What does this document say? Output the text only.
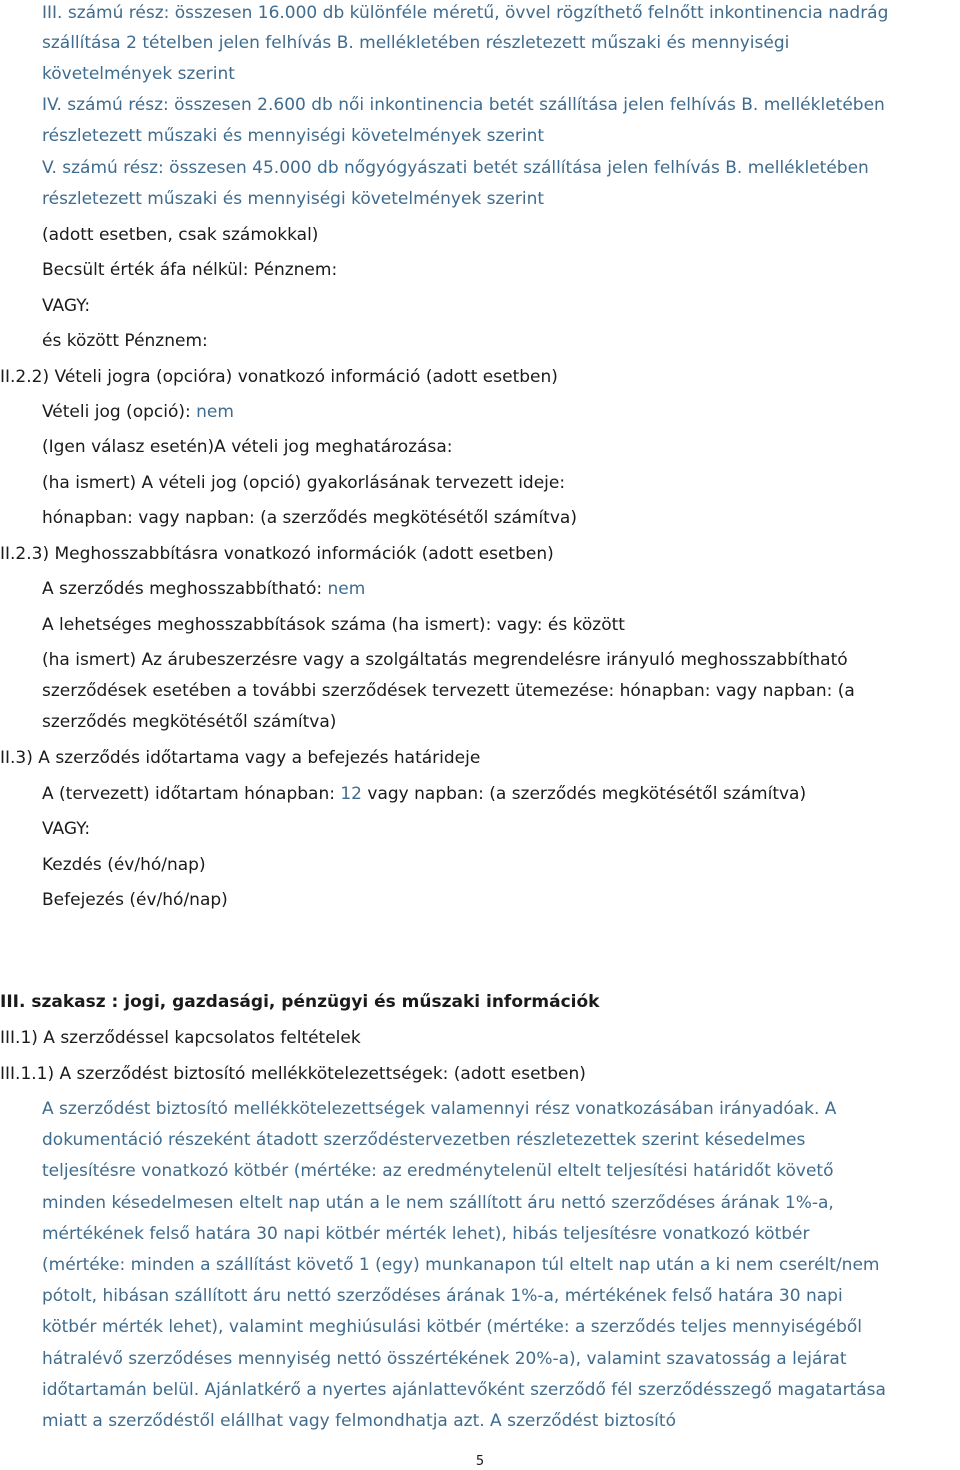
III. számú rész: összesen 16.000 db különféle méretű, övvel rögzíthető felnőtt inkontinencia nadrág
szállítása 2 tételben jelen felhívás B. mellékletében részletezett műszaki és mennyiségi
követelmények szerint
IV. számú rész: összesen 2.600 db női inkontinencia betét szállítása jelen felhívás B. mellékletében
részletezett műszaki és mennyiségi követelmények szerint
V. számú rész: összesen 45.000 db nőgyógyászati betét szállítása jelen felhívás B. mellékletében
részletezett műszaki és mennyiségi követelmények szerint
(adott esetben, csak számokkal)
Becsült érték áfa nélkül: Pénznem:
VAGY:
és között Pénznem:
II.2.2) Vételi jogra (opcióra) vonatkozó információ (adott esetben)
Vételi jog (opció): nem
(Igen válasz esetén)A vételi jog meghatározása:
(ha ismert) A vételi jog (opció) gyakorlásának tervezett ideje:
hónapban: vagy napban: (a szerződés megkötésétől számítva)
II.2.3) Meghosszabbításra vonatkozó információk (adott esetben)
A szerződés meghosszabbítható: nem
A lehetséges meghosszabbítások száma (ha ismert): vagy: és között
(ha ismert) Az árubeszerzésre vagy a szolgáltatás megrendelésre irányuló meghosszabbítható
szerződések esetében a további szerződések tervezett ütemezése: hónapban: vagy napban: (a
szerződés megkötésétől számítva)
II.3) A szerződés időtartama vagy a befejezés határideje
A (tervezett) időtartam hónapban: 12 vagy napban: (a szerződés megkötésétől számítva)
VAGY:
Kezdés (év/hó/nap)
Befejezés (év/hó/nap)
III. szakasz : jogi, gazdasági, pénzügyi és műszaki információk
III.1) A szerződéssel kapcsolatos feltételek
III.1.1) A szerződést biztosító mellékkötelezettségek: (adott esetben)
A szerződést biztosító mellékkötelezettségek valamennyi rész vonatkozásában irányadóak. A
dokumentáció részeként átadott szerződéstervezetben részletezettek szerint késedelmes
teljesítésre vonatkozó kötbér (mértéke: az eredménytelenül eltelt teljesítési határidőt követő
minden késedelmesen eltelt nap után a le nem szállított áru nettó szerződéses árának 1%-a,
mértékének felső határa 30 napi kötbér mérték lehet), hibás teljesítésre vonatkozó kötbér
(mértéke: minden a szállítást követő 1 (egy) munkanapon túl eltelt nap után a ki nem cserélt/nem
pótolt, hibásan szállított áru nettó szerződéses árának 1%-a, mértékének felső határa 30 napi
kötbér mérték lehet), valamint meghiúsulási kötbér (mértéke: a szerződés teljes mennyiségéből
hátralévő szerződéses mennyiség nettó összértékének 20%-a), valamint szavatosság a lejárat
időtartamán belül. Ajánlatkérő a nyertes ajánlattevőként szerződő fél szerződésszegő magatartása
miatt a szerződéstől elállhat vagy felmondhatja azt. A szerződést biztosító
5
